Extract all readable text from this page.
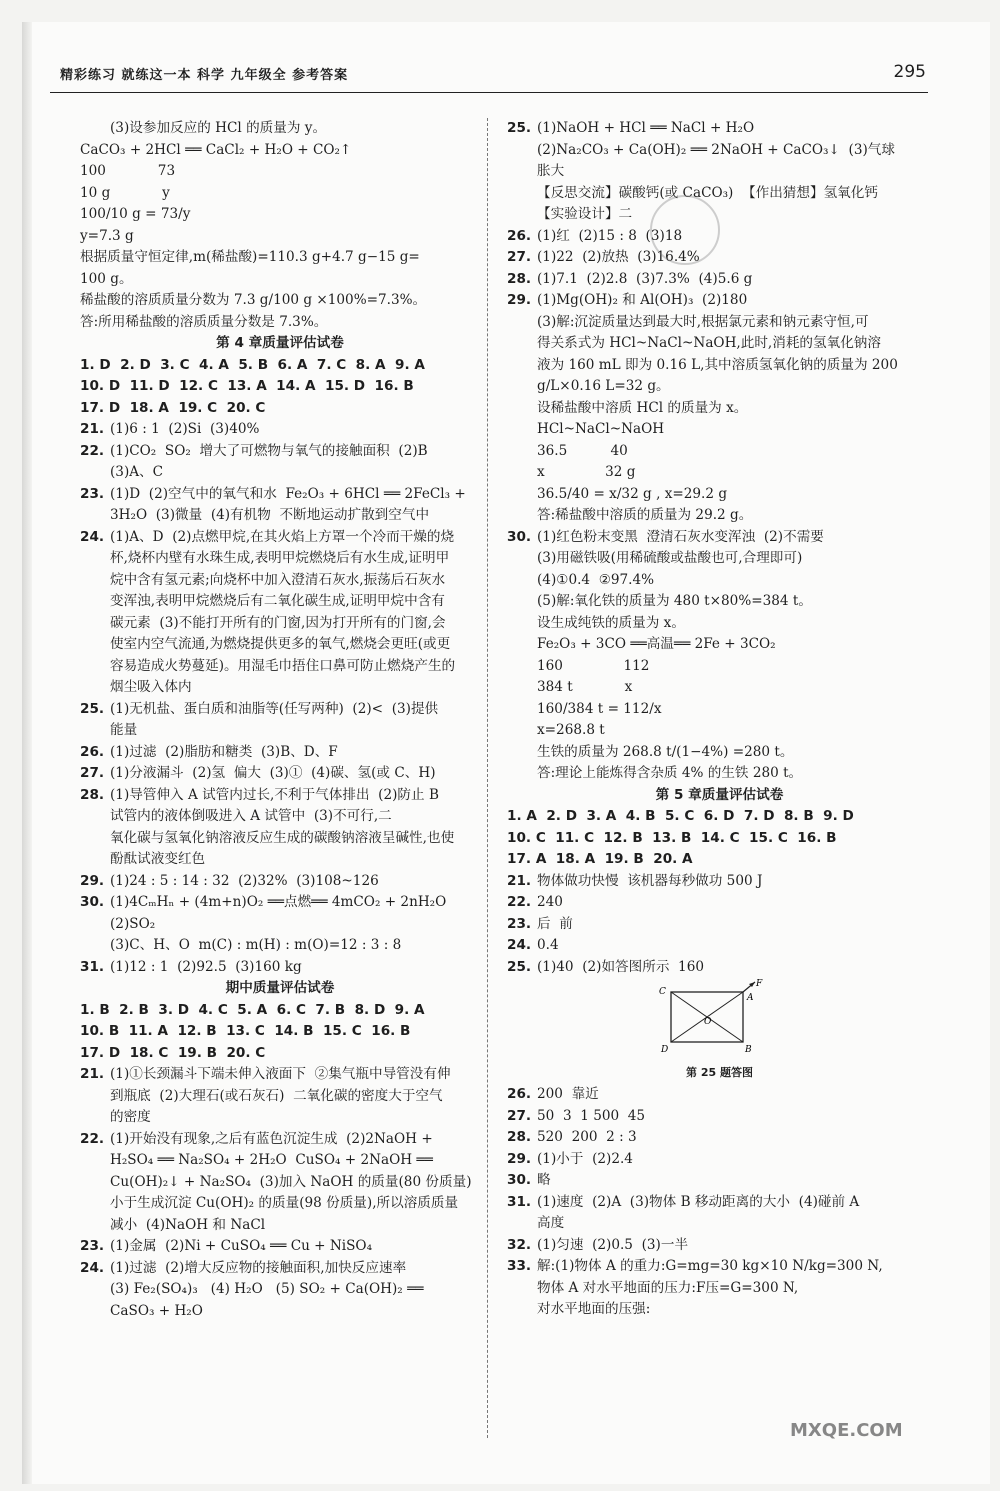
精彩练习 就练这一本 科学 九年级全 参考答案	295
(3)设参加反应的 HCl 的质量为 y。
CaCO₃ + 2HCl ══ CaCl₂ + H₂O + CO₂↑
100            73
10 g            y
100/10 g = 73/y
y=7.3 g
根据质量守恒定律,m(稀盐酸)=110.3 g+4.7 g−15 g=
100 g。
稀盐酸的溶质质量分数为 7.3 g/100 g ×100%=7.3%。
答:所用稀盐酸的溶质质量分数是 7.3%。
第 4 章质量评估试卷
1. D  2. D  3. C  4. A  5. B  6. A  7. C  8. A  9. A
10. D  11. D  12. C  13. A  14. A  15. D  16. B
17. D  18. A  19. C  20. C
21. (1)6 : 1  (2)Si  (3)40%
22. (1)CO₂  SO₂  增大了可燃物与氧气的接触面积  (2)B
(3)A、C
23. (1)D  (2)空气中的氧气和水  Fe₂O₃ + 6HCl ══ 2FeCl₃ +
3H₂O  (3)微量  (4)有机物  不断地运动扩散到空气中
24. (1)A、D  (2)点燃甲烷,在其火焰上方罩一个冷而干燥的烧
杯,烧杯内壁有水珠生成,表明甲烷燃烧后有水生成,证明甲
烷中含有氢元素;向烧杯中加入澄清石灰水,振荡后石灰水
变浑浊,表明甲烷燃烧后有二氧化碳生成,证明甲烷中含有
碳元素  (3)不能打开所有的门窗,因为打开所有的门窗,会
使室内空气流通,为燃烧提供更多的氧气,燃烧会更旺(或更
容易造成火势蔓延)。用湿毛巾捂住口鼻可防止燃烧产生的
烟尘吸入体内
25. (1)无机盐、蛋白质和油脂等(任写两种)  (2)<  (3)提供
能量
26. (1)过滤  (2)脂肪和糖类  (3)B、D、F
27. (1)分液漏斗  (2)氢  偏大  (3)①  (4)碳、氢(或 C、H)
28. (1)导管伸入 A 试管内过长,不利于气体排出  (2)防止 B
试管内的液体倒吸进入 A 试管中  (3)不可行,二
氧化碳与氢氧化钠溶液反应生成的碳酸钠溶液呈碱性,也使
酚酞试液变红色
29. (1)24 : 5 : 14 : 32  (2)32%  (3)108~126
30. (1)4CₘHₙ + (4m+n)O₂ ══点燃══ 4mCO₂ + 2nH₂O  (2)SO₂
(3)C、H、O  m(C) : m(H) : m(O)=12 : 3 : 8
31. (1)12 : 1  (2)92.5  (3)160 kg
期中质量评估试卷
1. B  2. B  3. D  4. C  5. A  6. C  7. B  8. D  9. A
10. B  11. A  12. B  13. C  14. B  15. C  16. B
17. D  18. C  19. B  20. C
21. (1)①长颈漏斗下端未伸入液面下  ②集气瓶中导管没有伸
到瓶底  (2)大理石(或石灰石)  二氧化碳的密度大于空气
的密度
22. (1)开始没有现象,之后有蓝色沉淀生成  (2)2NaOH +
H₂SO₄ ══ Na₂SO₄ + 2H₂O  CuSO₄ + 2NaOH ══
Cu(OH)₂↓ + Na₂SO₄  (3)加入 NaOH 的质量(80 份质量)
小于生成沉淀 Cu(OH)₂ 的质量(98 份质量),所以溶质质量
减小  (4)NaOH 和 NaCl
23. (1)金属  (2)Ni + CuSO₄ ══ Cu + NiSO₄
24. (1)过滤  (2)增大反应物的接触面积,加快反应速率
(3) Fe₂(SO₄)₃   (4) H₂O   (5) SO₂ + Ca(OH)₂ ══
CaSO₃ + H₂O
25. (1)NaOH + HCl ══ NaCl + H₂O
(2)Na₂CO₃ + Ca(OH)₂ ══ 2NaOH + CaCO₃↓  (3)气球
胀大
【反思交流】碳酸钙(或 CaCO₃)  【作出猜想】氢氧化钙
【实验设计】二
26. (1)红  (2)15 : 8  (3)18
27. (1)22  (2)放热  (3)16.4%
28. (1)7.1  (2)2.8  (3)7.3%  (4)5.6 g
29. (1)Mg(OH)₂ 和 Al(OH)₃  (2)180
(3)解:沉淀质量达到最大时,根据氯元素和钠元素守恒,可
得关系式为 HCl~NaCl~NaOH,此时,消耗的氢氧化钠溶
液为 160 mL 即为 0.16 L,其中溶质氢氧化钠的质量为 200
g/L×0.16 L=32 g。
设稀盐酸中溶质 HCl 的质量为 x。
HCl~NaCl~NaOH
36.5          40
x              32 g
36.5/40 = x/32 g , x=29.2 g
答:稀盐酸中溶质的质量为 29.2 g。
30. (1)红色粉末变黑  澄清石灰水变浑浊  (2)不需要
(3)用磁铁吸(用稀硫酸或盐酸也可,合理即可)
(4)①0.4  ②97.4%
(5)解:氧化铁的质量为 480 t×80%=384 t。
设生成纯铁的质量为 x。
Fe₂O₃ + 3CO ══高温══ 2Fe + 3CO₂
160              112
384 t            x
160/384 t = 112/x
x=268.8 t
生铁的质量为 268.8 t/(1−4%) =280 t。
答:理论上能炼得含杂质 4% 的生铁 280 t。
第 5 章质量评估试卷
1. A  2. D  3. A  4. B  5. C  6. D  7. D  8. B  9. D
10. C  11. C  12. B  13. B  14. C  15. C  16. B
17. A  18. A  19. B  20. A
21. 物体做功快慢  该机器每秒做功 500 J
22. 240
23. 后  前
24. 0.4
25. (1)40  (2)如答图所示  160
C
A
F
D	B
O
第 25 题答图
26. 200  靠近
27. 50  3  1 500  45
28. 520  200  2 : 3
29. (1)小于  (2)2.4
30. 略
31. (1)速度  (2)A  (3)物体 B 移动距离的大小  (4)碰前 A
高度
32. (1)匀速  (2)0.5  (3)一半
33. 解:(1)物体 A 的重力:G=mg=30 kg×10 N/kg=300 N,
物体 A 对水平地面的压力:F压=G=300 N,
对水平地面的压强:
MXQE.COM
